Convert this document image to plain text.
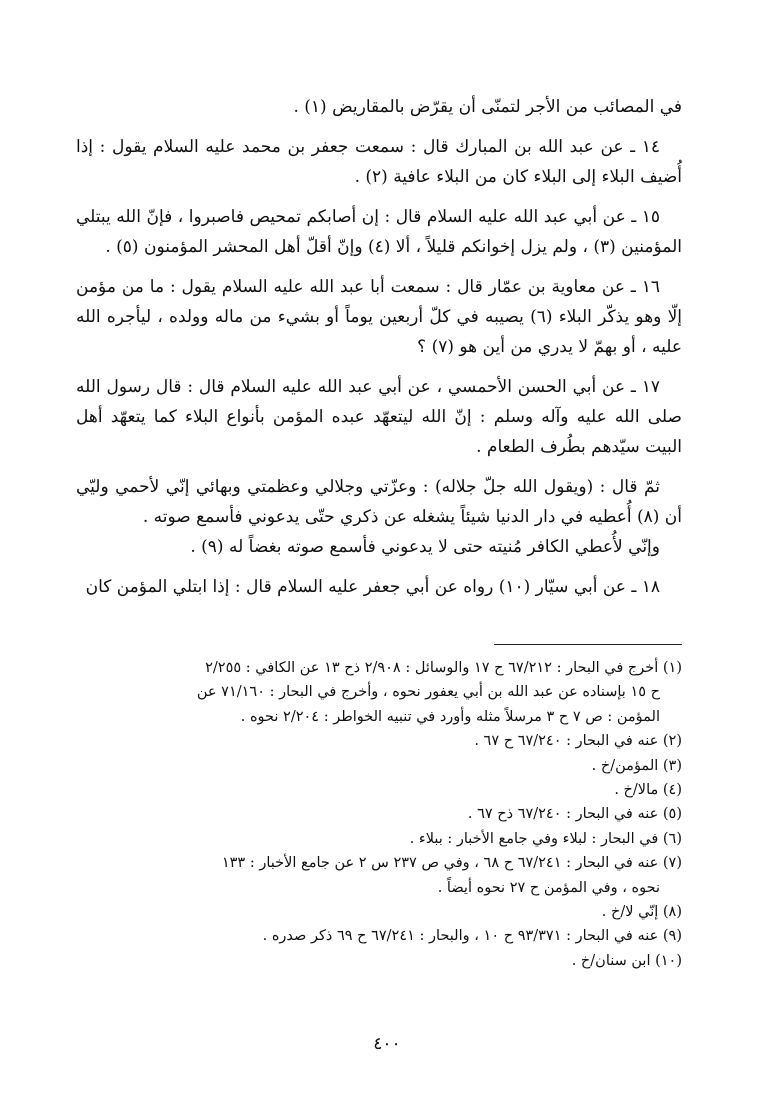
في المصائب من الأجر لتمنّى أن يقرّض بالمقاريض (١) .

١٤ ـ عن عبد الله بن المبارك قال : سمعت جعفر بن محمد عليه السلام يقول : إذا أُضيف البلاء إلى البلاء كان من البلاء عافية (٢) .

١٥ ـ عن أبي عبد الله عليه السلام قال : إن أصابكم تمحيص فاصبروا ، فإنّ الله يبتلي المؤمنين (٣) ، ولم يزل إخوانكم قليلاً ، ألا (٤) وإنّ أقلّ أهل المحشر المؤمنون (٥) .

١٦ ـ عن معاوية بن عمّار قال : سمعت أبا عبد الله عليه السلام يقول : ما من مؤمن إلّا وهو يذكّر البلاء (٦) يصيبه في كلّ أربعين يوماً أو بشيء من ماله وولده ، ليأجره الله عليه ، أو بهمّ لا يدري من أين هو (٧) ؟

١٧ ـ عن أبي الحسن الأحمسي ، عن أبي عبد الله عليه السلام قال : قال رسول الله صلى الله عليه وآله وسلم : إنّ الله ليتعهّد عبده المؤمن بأنواع البلاء كما يتعهّد أهل البيت سيّدهم بطُرف الطعام .

ثمّ قال : (ويقول الله جلّ جلاله) : وعزّتي وجلالي وعظمتي وبهائي إنّي لأحمي وليّي أن (٨) أُعطيه في دار الدنيا شيئاً يشغله عن ذكري حتّى يدعوني فأسمع صوته .

وإنّي لأُعطي الكافر مُنيته حتى لا يدعوني فأسمع صوته بغضاً له (٩) .

١٨ ـ عن أبي سيّار (١٠) رواه عن أبي جعفر عليه السلام قال : إذا ابتلي المؤمن كان

(١) أخرج في البحار : ٦٧/٢١٢ ح ١٧ والوسائل : ٢/٩٠٨ ذح ١٣ عن الكافي : ٢/٢٥٥
ح ١٥ بإسناده عن عبد الله بن أبي يعفور نحوه ، وأخرج في البحار : ٧١/١٦٠ عن
المؤمن : ص ٧ ح ٣ مرسلاً مثله وأورد في تنبيه الخواطر : ٢/٢٠٤ نحوه .

(٢) عنه في البحار : ٦٧/٢٤٠ ح ٦٧ .

(٣) المؤمن/خ .

(٤) مالا/خ .

(٥) عنه في البحار : ٦٧/٢٤٠ ذح ٦٧ .

(٦) في البحار : لبلاء وفي جامع الأخبار : ببلاء .

(٧) عنه في البحار : ٦٧/٢٤١ ح ٦٨ ، وفي ص ٢٣٧ س ٢ عن جامع الأخبار : ١٣٣
نحوه ، وفي المؤمن ح ٢٧ نحوه أيضاً .

(٨) إنّي لا/خ .

(٩) عنه في البحار : ٩٣/٣٧١ ح ١٠ ، والبحار : ٦٧/٢٤١ ح ٦٩ ذكر صدره .

(١٠) ابن سنان/خ .

٤٠٠
